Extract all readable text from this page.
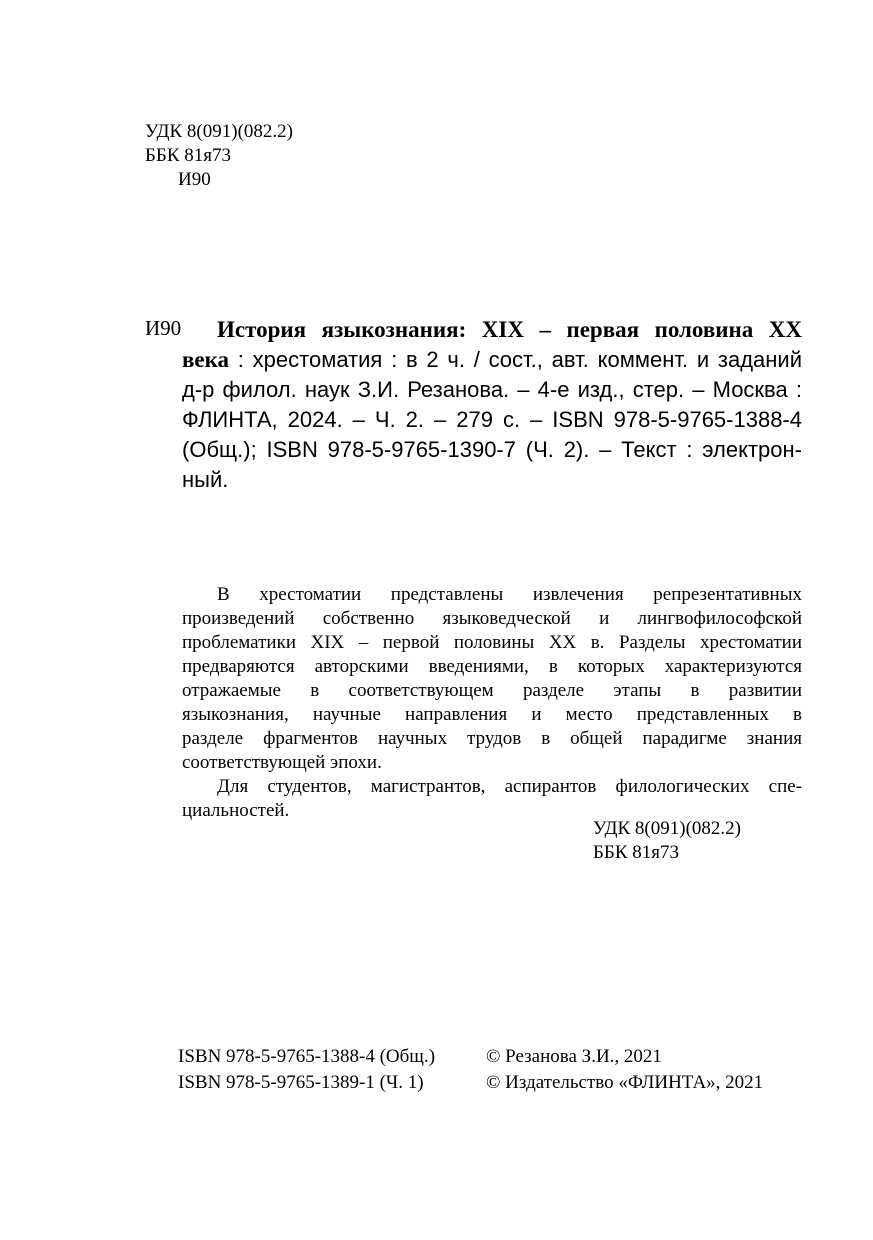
УДК 8(091)(082.2)
ББК 81я73
И90
И90 История языкознания: XIX – первая половина XX
века : хрестоматия : в 2 ч. / сост., авт. коммент. и заданий
д-р филол. наук З.И. Резанова. – 4-е изд., стер. – Москва :
ФЛИНТА, 2024. – Ч. 2. – 279 с. – ISBN 978-5-9765-1388-4
(Общ.); ISBN 978-5-9765-1390-7 (Ч. 2). – Текст : электрон-
ный.
В хрестоматии представлены извлечения репрезентативных
произведений собственно языковедческой и лингвофилософской
проблематики XIX – первой половины XX в. Разделы хрестоматии
предваряются авторскими введениями, в которых характеризуются
отражаемые в соответствующем разделе этапы в развитии
языкознания, научные направления и место представленных в
разделе фрагментов научных трудов в общей парадигме знания
соответствующей эпохи.
Для студентов, магистрантов, аспирантов филологических спе-
циальностей.
УДК 8(091)(082.2)
ББК 81я73
ISBN 978-5-9765-1388-4 (Общ.)
ISBN 978-5-9765-1389-1 (Ч. 1)
© Резанова З.И., 2021
© Издательство «ФЛИНТА», 2021
